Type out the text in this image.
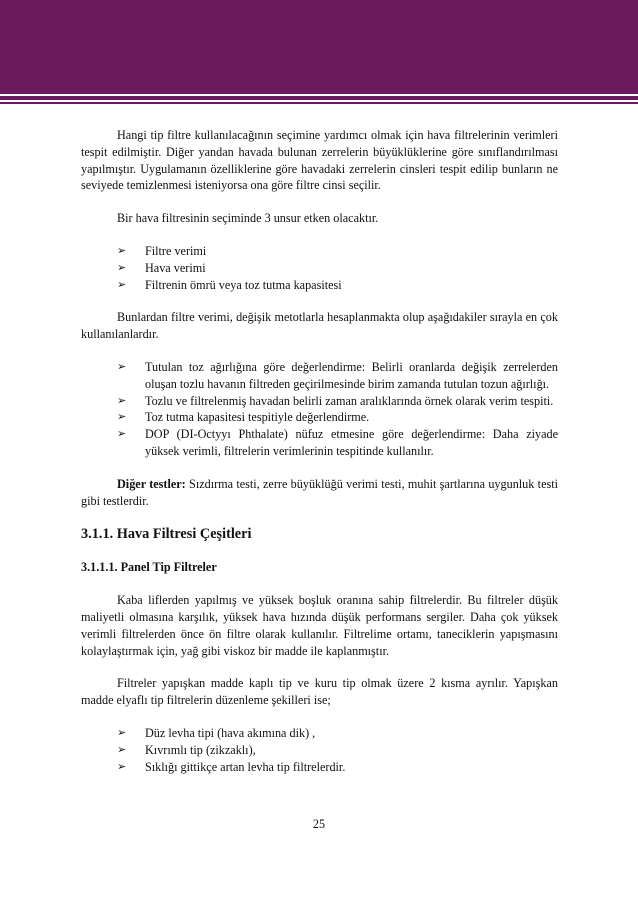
Hangi tip filtre kullanılacağının seçimine yardımcı olmak için hava filtrelerinin verimleri tespit edilmiştir. Diğer yandan havada bulunan zerrelerin büyüklüklerine göre sınıflandırılması yapılmıştır. Uygulamanın özelliklerine göre havadaki zerrelerin cinsleri tespit edilip bunların ne seviyede temizlenmesi isteniyorsa ona göre filtre cinsi seçilir.

Bir hava filtresinin seçiminde 3 unsur etken olacaktır.

➢ Filtre verimi
➢ Hava verimi
➢ Filtrenin ömrü veya toz tutma kapasitesi

Bunlardan filtre verimi, değişik metotlarla hesaplanmakta olup aşağıdakiler sırayla en çok kullanılanlardır.

➢ Tutulan toz ağırlığına göre değerlendirme: Belirli oranlarda değişik zerrelerden oluşan tozlu havanın filtreden geçirilmesinde birim zamanda tutulan tozun ağırlığı.
➢ Tozlu ve filtrelenmiş havadan belirli zaman aralıklarında örnek olarak verim tespiti.
➢ Toz tutma kapasitesi tespitiyle değerlendirme.
➢ DOP (DI-Octyyı Phthalate) nüfuz etmesine göre değerlendirme: Daha ziyade yüksek verimli, filtrelerin verimlerinin tespitinde kullanılır.

Diğer testler: Sızdırma testi, zerre büyüklüğü verimi testi, muhit şartlarına uygunluk testi gibi testlerdir.

3.1.1. Hava Filtresi Çeşitleri
3.1.1.1. Panel Tip Filtreler

Kaba liflerden yapılmış ve yüksek boşluk oranına sahip filtrelerdir. Bu filtreler düşük maliyetli olmasına karşılık, yüksek hava hızında düşük performans sergiler. Daha çok yüksek verimli filtrelerden önce ön filtre olarak kullanılır. Filtrelime ortamı, taneciklerin yapışmasını kolaylaştırmak için, yağ gibi viskoz bir madde ile kaplanmıştır.

Filtreler yapışkan madde kaplı tip ve kuru tip olmak üzere 2 kısma ayrılır. Yapışkan madde elyaflı tip filtrelerin düzenleme şekilleri ise;

➢ Düz levha tipi (hava akımına dik) ,
➢ Kıvrımlı tip (zikzaklı),
➢ Sıklığı gittikçe artan levha tip filtrelerdir.
25
